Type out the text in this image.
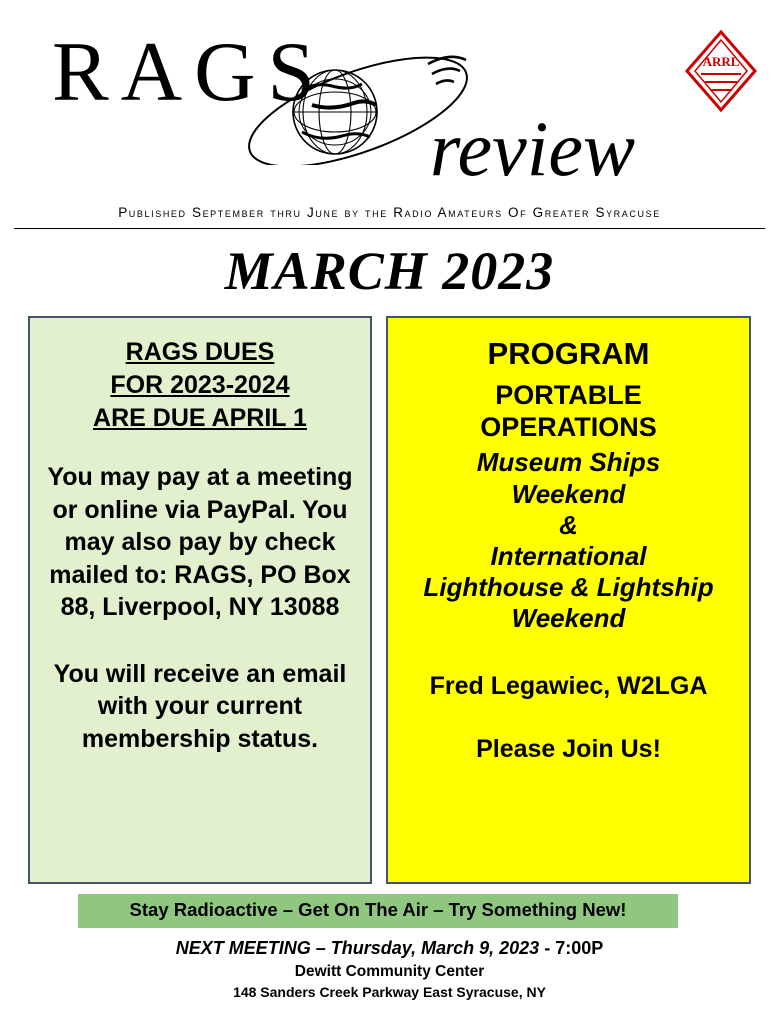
RAGS
review
ARRL
Published September thru June by the Radio Amateurs Of Greater Syracuse
MARCH 2023
RAGS DUES
FOR 2023-2024
ARE DUE APRIL 1
You may pay at a meeting or online via PayPal. You may also pay by check mailed to: RAGS, PO Box 88, Liverpool, NY 13088
You will receive an email with your current membership status.
PROGRAM
PORTABLE
OPERATIONS
Museum Ships
Weekend
&
International
Lighthouse & Lightship
Weekend
Fred Legawiec, W2LGA
Please Join Us!
Stay Radioactive – Get On The Air – Try Something New!
NEXT MEETING – Thursday, March 9, 2023 - 7:00P
Dewitt Community Center
148 Sanders Creek Parkway East Syracuse, NY
